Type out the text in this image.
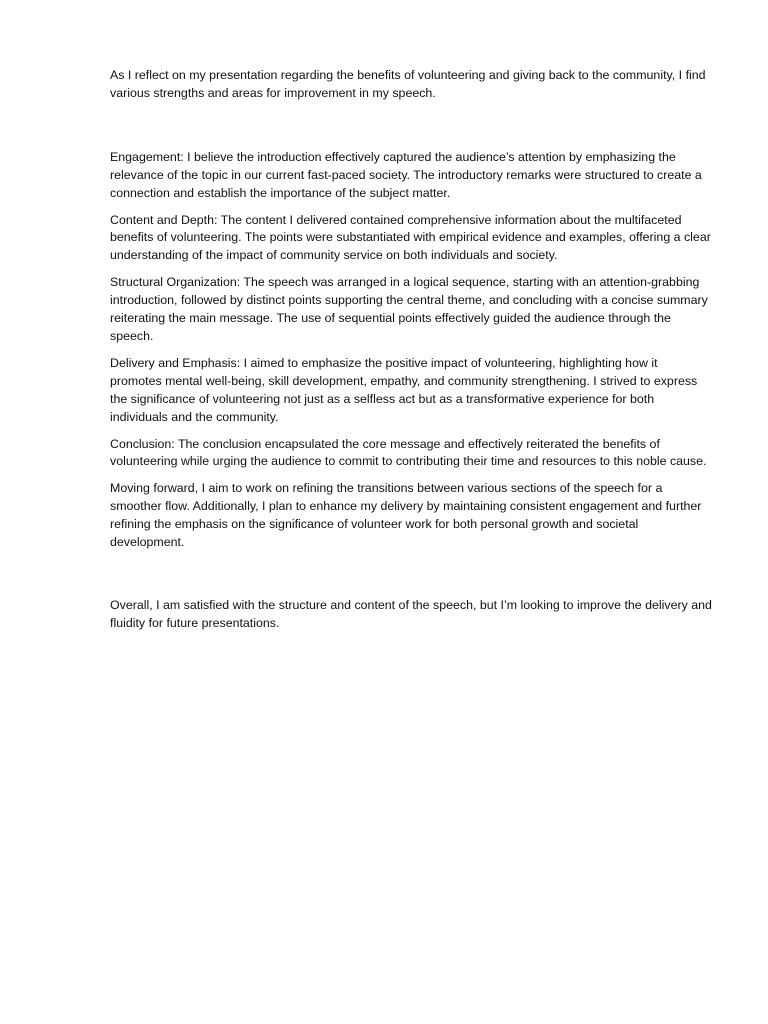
As I reflect on my presentation regarding the benefits of volunteering and giving back to the community, I find various strengths and areas for improvement in my speech.

Engagement: I believe the introduction effectively captured the audience’s attention by emphasizing the relevance of the topic in our current fast-paced society. The introductory remarks were structured to create a connection and establish the importance of the subject matter.

Content and Depth: The content I delivered contained comprehensive information about the multifaceted benefits of volunteering. The points were substantiated with empirical evidence and examples, offering a clear understanding of the impact of community service on both individuals and society.

Structural Organization: The speech was arranged in a logical sequence, starting with an attention-grabbing introduction, followed by distinct points supporting the central theme, and concluding with a concise summary reiterating the main message. The use of sequential points effectively guided the audience through the speech.

Delivery and Emphasis: I aimed to emphasize the positive impact of volunteering, highlighting how it promotes mental well-being, skill development, empathy, and community strengthening. I strived to express the significance of volunteering not just as a selfless act but as a transformative experience for both individuals and the community.

Conclusion: The conclusion encapsulated the core message and effectively reiterated the benefits of volunteering while urging the audience to commit to contributing their time and resources to this noble cause.

Moving forward, I aim to work on refining the transitions between various sections of the speech for a smoother flow. Additionally, I plan to enhance my delivery by maintaining consistent engagement and further refining the emphasis on the significance of volunteer work for both personal growth and societal development.

Overall, I am satisfied with the structure and content of the speech, but I’m looking to improve the delivery and fluidity for future presentations.
